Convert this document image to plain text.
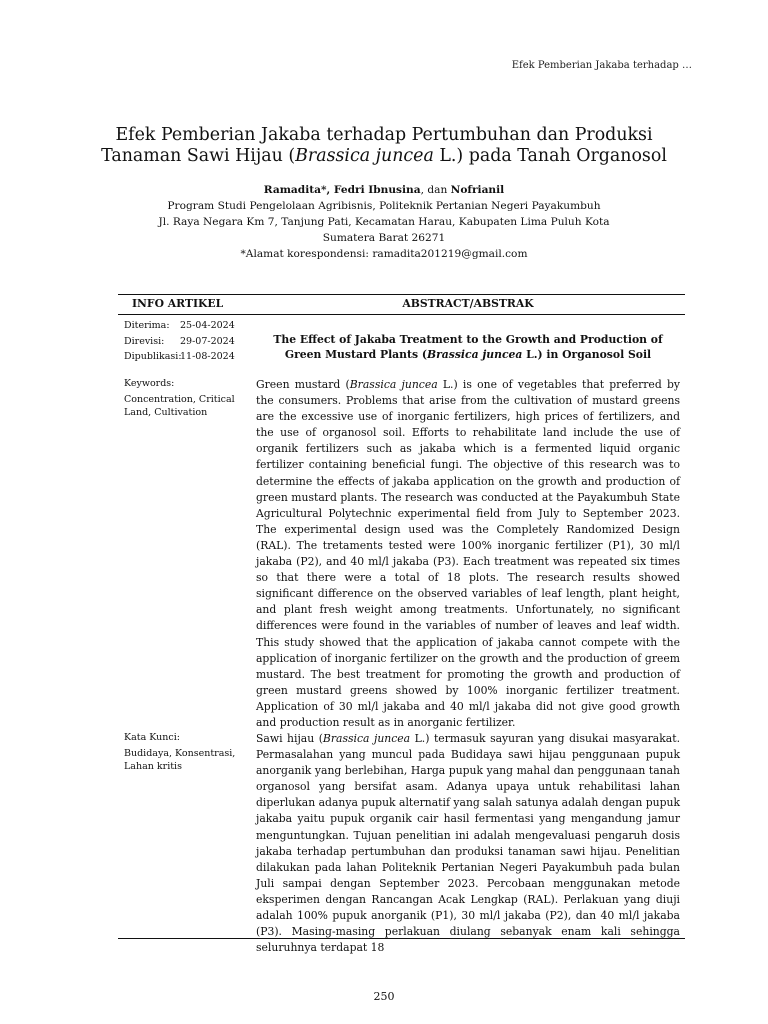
Efek Pemberian Jakaba terhadap …
Efek Pemberian Jakaba terhadap Pertumbuhan dan Produksi
Tanaman Sawi Hijau (Brassica juncea L.) pada Tanah Organosol
Ramadita*, Fedri Ibnusina, dan Nofrianil
Program Studi Pengelolaan Agribisnis, Politeknik Pertanian Negeri Payakumbuh
Jl. Raya Negara Km 7, Tanjung Pati, Kecamatan Harau, Kabupaten Lima Puluh Kota
Sumatera Barat 26271
*Alamat korespondensi: ramadita201219@gmail.com
INFO ARTIKEL	ABSTRACT/ABSTRAK
Diterima:	25-04-2024
Direvisi:	29-07-2024
Dipublikasi:
11-08-2024
Keywords:
Concentration, Critical Land, Cultivation
Kata Kunci:
Budidaya, Konsentrasi, Lahan kritis
The Effect of Jakaba Treatment to the Growth and Production of Green Mustard Plants (Brassica juncea L.) in Organosol Soil

Green mustard (Brassica juncea L.) is one of vegetables that preferred by the consumers. Problems that arise from the cultivation of mustard greens are the excessive use of inorganic fertilizers, high prices of fertilizers, and the use of organosol soil. Efforts to rehabilitate land include the use of organik fertilizers such as jakaba which is a fermented liquid organic fertilizer containing beneficial fungi. The objective of this research was to determine the effects of jakaba application on the growth and production of green mustard plants. The research was conducted at the Payakumbuh State Agricultural Polytechnic experimental field from July to September 2023. The experimental design used was the Completely Randomized Design (RAL). The tretaments tested were 100% inorganic fertilizer (P1), 30 ml/l jakaba (P2), and 40 ml/l jakaba (P3). Each treatment was repeated six times so that there were a total of 18 plots. The research results showed significant difference on the observed variables of leaf length, plant height, and plant fresh weight among treatments. Unfortunately, no significant differences were found in the variables of number of leaves and leaf width. This study showed that the application of jakaba cannot compete with the application of inorganic fertilizer on the growth and the production of greem mustard. The best treatment for promoting the growth and production of green mustard greens showed by 100% inorganic fertilizer treatment. Application of 30 ml/l jakaba and 40 ml/l jakaba did not give good growth and production result as in anorganic fertilizer.

Sawi hijau (Brassica juncea L.) termasuk sayuran yang disukai masyarakat. Permasalahan yang muncul pada Budidaya sawi hijau penggunaan pupuk anorganik yang berlebihan, Harga pupuk yang mahal dan penggunaan tanah organosol yang bersifat asam. Adanya upaya untuk rehabilitasi lahan diperlukan adanya pupuk alternatif yang salah satunya adalah dengan pupuk jakaba yaitu pupuk organik cair hasil fermentasi yang mengandung jamur menguntungkan. Tujuan penelitian ini adalah mengevaluasi pengaruh dosis jakaba terhadap pertumbuhan dan produksi tanaman sawi hijau. Penelitian dilakukan pada lahan Politeknik Pertanian Negeri Payakumbuh pada bulan Juli sampai dengan September 2023. Percobaan menggunakan metode eksperimen dengan Rancangan Acak Lengkap (RAL). Perlakuan yang diuji adalah 100% pupuk anorganik (P1), 30 ml/l jakaba (P2), dan 40 ml/l jakaba (P3). Masing-masing perlakuan diulang sebanyak enam kali sehingga seluruhnya terdapat 18

250
